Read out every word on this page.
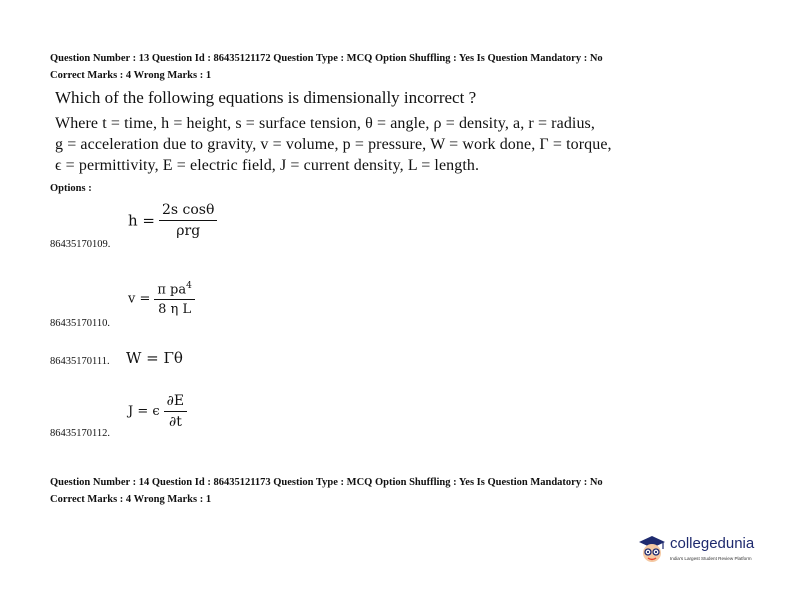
Question Number : 13 Question Id : 86435121172 Question Type : MCQ Option Shuffling : Yes Is Question Mandatory : No
Correct Marks : 4 Wrong Marks : 1
Which of the following equations is dimensionally incorrect ?
Where t = time, h = height, s = surface tension, θ = angle, ρ = density, a, r = radius,
g = acceleration due to gravity, v = volume, p = pressure, W = work done, Γ = torque,
ϵ = permittivity, E = electric field, J = current density, L = length.
Options :
$h = \frac{\text{2s cosθ}}{\text{ρrg}}$
86435170109.
$v = \frac{\pi pa^4}{\text{8 η L}}$
86435170110.
W = Γθ
86435170111.
J = ϵ $\frac{\partial E}{\partial t}$
86435170112.
Question Number : 14 Question Id : 86435121173 Question Type : MCQ Option Shuffling : Yes Is Question Mandatory : No
Correct Marks : 4 Wrong Marks : 1
collegedunia
India's Largest Student Review Platform
